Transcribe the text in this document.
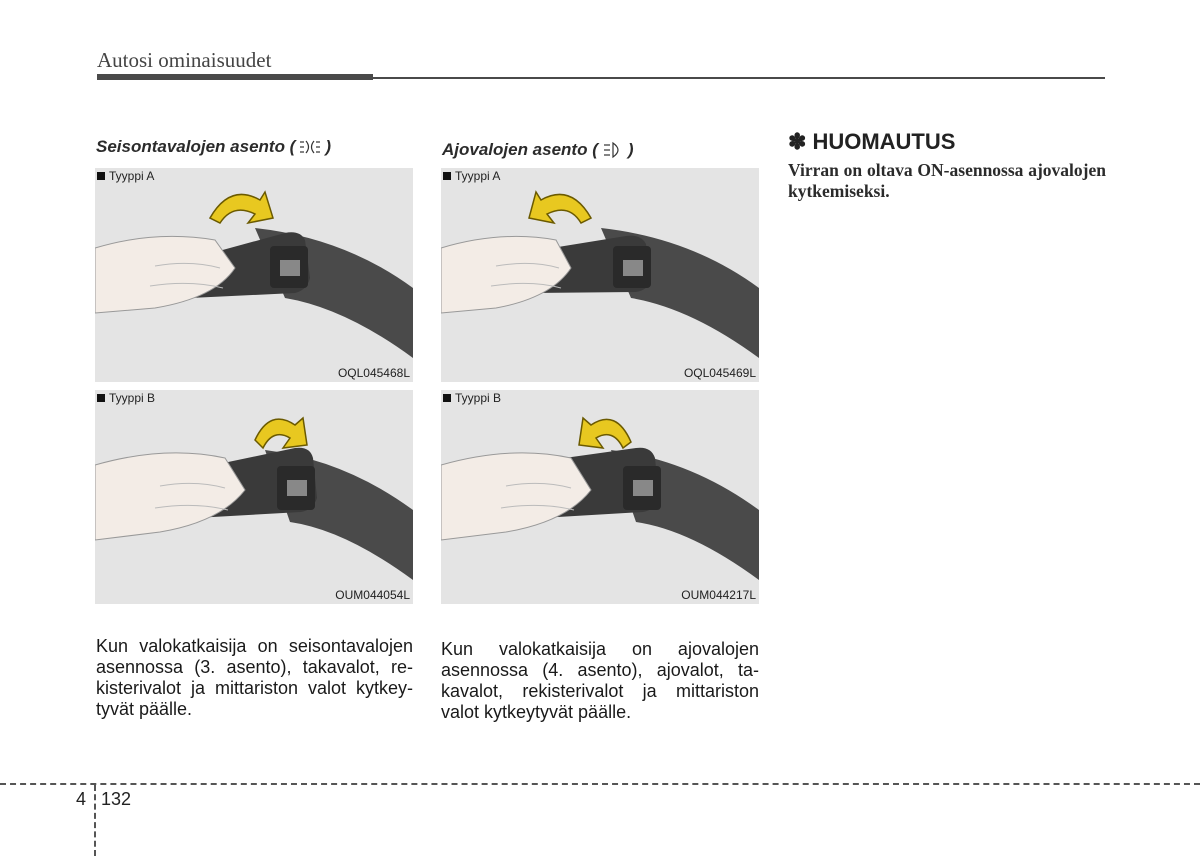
Autosi ominaisuudet
Seisontavalojen asento ( )
Tyyppi A
OQL045468L
Tyyppi B
OUM044054L
Kun valokatkaisija on seisontavalojen asennossa (3. asento), takavalot, rekisterivalot ja mittariston valot kytkeytyvät päälle.
Ajovalojen asento ( )
Tyyppi A
OQL045469L
Tyyppi B
OUM044217L
Kun valokatkaisija on ajovalojen asennossa (4. asento), ajovalot, takavalot, rekisterivalot ja mittariston valot kytkeytyvät päälle.
✽ HUOMAUTUS
Virran on oltava ON-asennossa ajovalojen kytkemiseksi.
4 132
